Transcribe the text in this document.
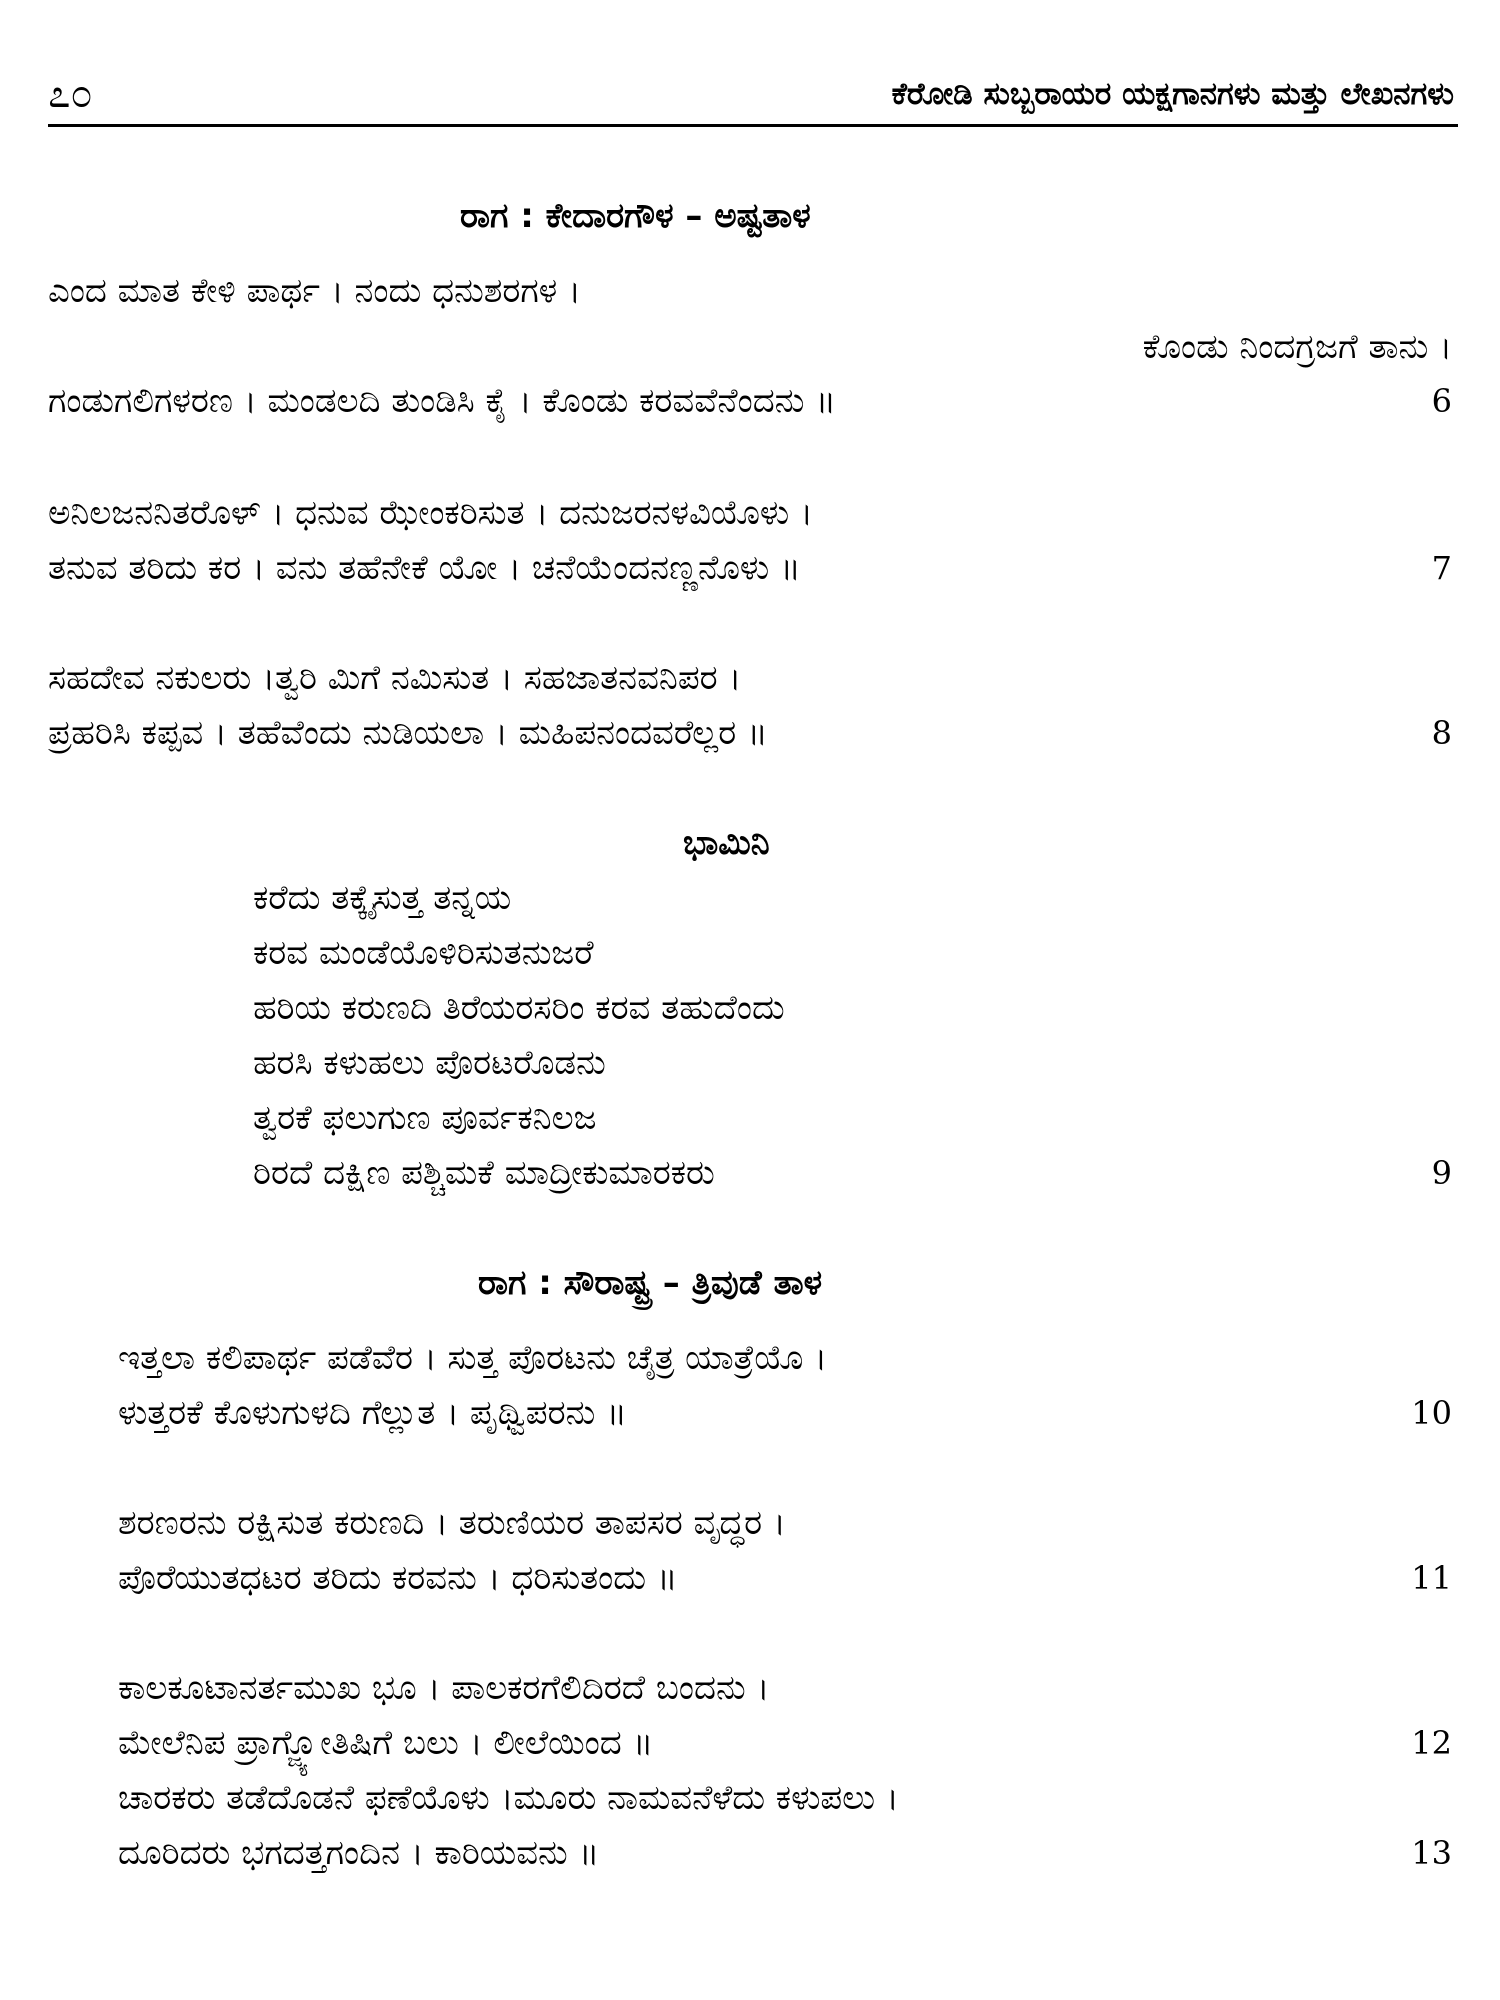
೭೦	ಕೆರೋಡಿ ಸುಬ್ಬರಾಯರ ಯಕ್ಷಗಾನಗಳು ಮತ್ತು ಲೇಖನಗಳು
ರಾಗ : ಕೇದಾರಗೌಳ – ಅಷ್ಟತಾಳ
ಎಂದ ಮಾತ ಕೇಳಿ ಪಾರ್ಥ । ನಂದು ಧನುಶರಗಳ ।
ಕೊಂಡು ನಿಂದಗ್ರಜಗೆ ತಾನು ।
ಗಂಡುಗಲಿಗಳರಣ । ಮಂಡಲದಿ ತುಂಡಿಸಿ ಕೈ । ಕೊಂಡು ಕರವವೆನೆಂದನು ॥	6
ಅನಿಲಜನನಿತರೊಳ್ । ಧನುವ ಝೇಂಕರಿಸುತ । ದನುಜರನಳವಿಯೊಳು ।
ತನುವ ತರಿದು ಕರ । ವನು ತಹೆನೇಕೆ ಯೋ । ಚನೆಯೆಂದನಣ್ಣನೊಳು ॥	7
ಸಹದೇವ ನಕುಲರು ।ತ್ವರಿ ಮಿಗೆ ನಮಿಸುತ । ಸಹಜಾತನವನಿಪರ ।
ಪ್ರಹರಿಸಿ ಕಪ್ಪವ । ತಹೆವೆಂದು ನುಡಿಯಲಾ । ಮಹಿಪನಂದವರೆಲ್ಲರ ॥	8
ಭಾಮಿನಿ
ಕರೆದು ತಕ್ಕೈಸುತ್ತ ತನ್ನಯ
ಕರವ ಮಂಡೆಯೊಳಿರಿಸುತನುಜರೆ
ಹರಿಯ ಕರುಣದಿ ತಿರೆಯರಸರಿಂ ಕರವ ತಹುದೆಂದು
ಹರಸಿ ಕಳುಹಲು ಪೊರಟರೊಡನು
ತ್ವರಕೆ ಫಲುಗುಣ ಪೂರ್ವಕನಿಲಜ
ರಿರದೆ ದಕ್ಷಿಣ ಪಶ್ಚಿಮಕೆ ಮಾದ್ರೀಕುಮಾರಕರು	9
ರಾಗ : ಸೌರಾಷ್ಟ್ರ – ತ್ರಿವುಡೆ ತಾಳ
ಇತ್ತಲಾ ಕಲಿಪಾರ್ಥ ಪಡೆವೆರ । ಸುತ್ತ ಪೊರಟನು ಚೈತ್ರ ಯಾತ್ರೆಯೊ ।
ಳುತ್ತರಕೆ ಕೊಳುಗುಳದಿ ಗೆಲ್ಲುತ । ಪೃಥ್ವಿಪರನು ॥	10
ಶರಣರನು ರಕ್ಷಿಸುತ ಕರುಣದಿ । ತರುಣಿಯರ ತಾಪಸರ ವೃದ್ಧರ ।
ಪೊರೆಯುತಧಟರ ತರಿದು ಕರವನು । ಧರಿಸುತಂದು ॥	11
ಕಾಲಕೂಟಾನರ್ತಮುಖ ಭೂ । ಪಾಲಕರಗೆಲಿದಿರದೆ ಬಂದನು ।
ಮೇಲೆನಿಪ ಪ್ರಾಗ್ಜ್ಯೋತಿಷಿಗೆ ಬಲು । ಲೀಲೆಯಿಂದ ॥	12
ಚಾರಕರು ತಡೆದೊಡನೆ ಫಣೆಯೊಳು ।ಮೂರು ನಾಮವನೆಳೆದು ಕಳುಪಲು ।
ದೂರಿದರು ಭಗದತ್ತಗಂದಿನ । ಕಾರಿಯವನು ॥	13
